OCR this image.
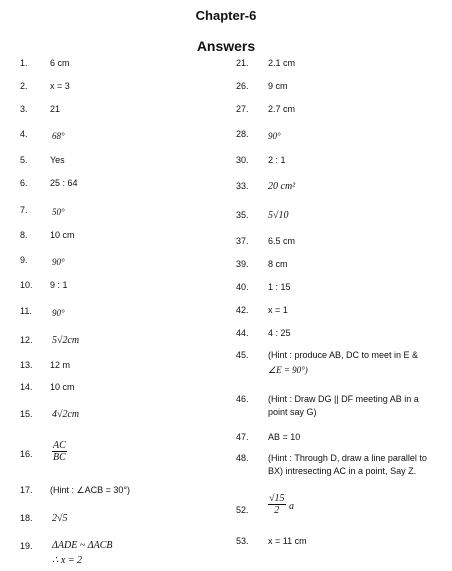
Chapter-6
Answers
1. 6 cm
2. x = 3
3. 21
4.	68°
5. Yes
6. 25 : 64
7.	50°
8. 10 cm
9.	90°
10. 9 : 1
11. 90°
12. 5√2cm
13. 12 m
14. 10 cm
15. 4√2cm
16. $\frac{AC}{BC}$
17. (Hint : ∠ACB = 30°)
18. 2√5
19. ΔADE ~ ΔACB
∴ x = 2
21. 2.1 cm
26. 9 cm
27. 2.7 cm
28. 90°
30. 2 : 1
33. 20 cm²
35. 5√10
37. 6.5 cm
39. 8 cm
40. 1 : 15
42. x = 1
44. 4 : 25
45. (Hint : produce AB, DC to meet in E &
∠E = 90°)
46. (Hint : Draw DG || DF meeting AB in a
point say G)
47. AB = 10
48. (Hint : Through D, draw a line parallel to
BX) intresecting AC in a point, Say Z.
52. $\frac{√15}{2}$ a
53. x = 11 cm
